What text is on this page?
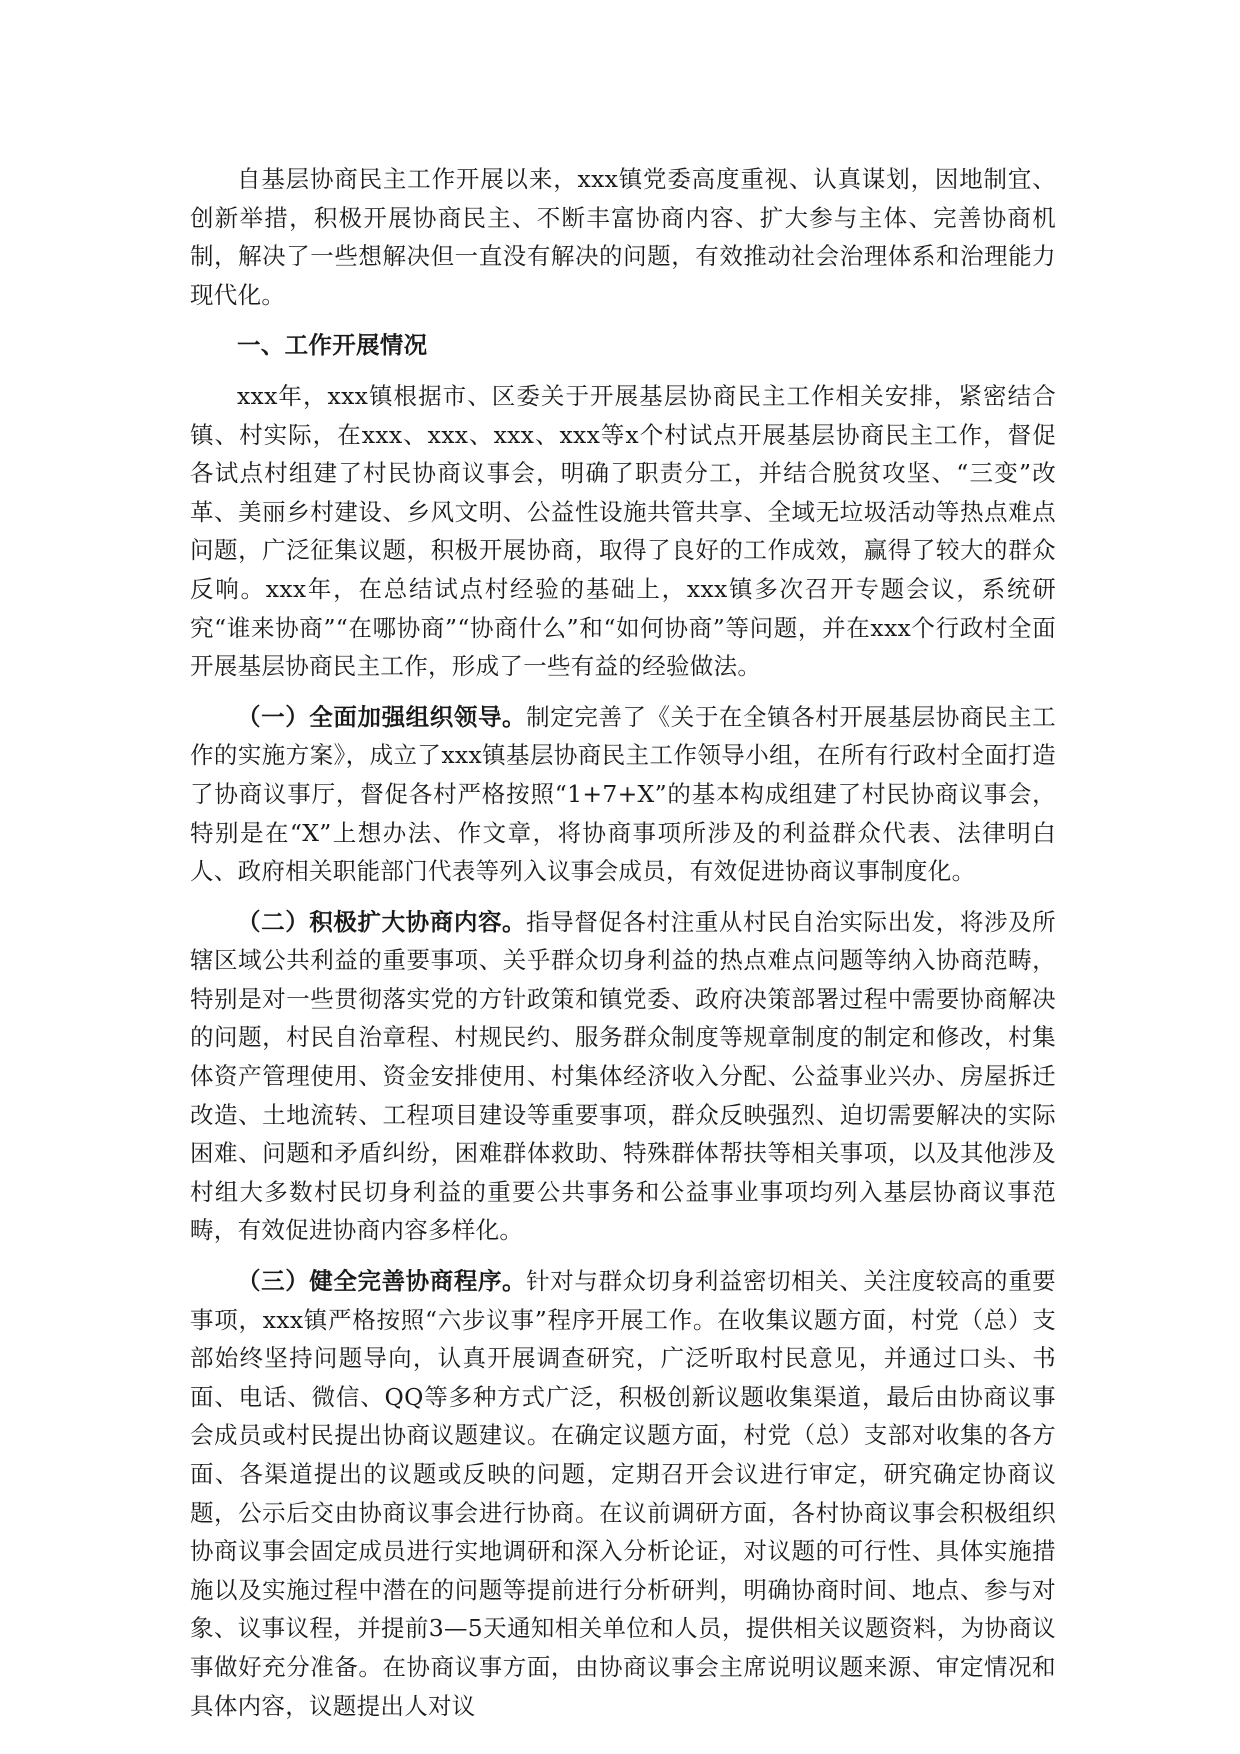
自基层协商民主工作开展以来，xxx镇党委高度重视、认真谋划，因地制宜、创新举措，积极开展协商民主、不断丰富协商内容、扩大参与主体、完善协商机制，解决了一些想解决但一直没有解决的问题，有效推动社会治理体系和治理能力现代化。

一、工作开展情况

xxx年，xxx镇根据市、区委关于开展基层协商民主工作相关安排，紧密结合镇、村实际，在xxx、xxx、xxx、xxx等x个村试点开展基层协商民主工作，督促各试点村组建了村民协商议事会，明确了职责分工，并结合脱贫攻坚、“三变”改革、美丽乡村建设、乡风文明、公益性设施共管共享、全域无垃圾活动等热点难点问题，广泛征集议题，积极开展协商，取得了良好的工作成效，赢得了较大的群众反响。xxx年，在总结试点村经验的基础上，xxx镇多次召开专题会议，系统研究“谁来协商”“在哪协商”“协商什么”和“如何协商”等问题，并在xxx个行政村全面开展基层协商民主工作，形成了一些有益的经验做法。

（一）全面加强组织领导。制定完善了《关于在全镇各村开展基层协商民主工作的实施方案》，成立了xxx镇基层协商民主工作领导小组，在所有行政村全面打造了协商议事厅，督促各村严格按照“1+7+X”的基本构成组建了村民协商议事会，特别是在“X”上想办法、作文章，将协商事项所涉及的利益群众代表、法律明白人、政府相关职能部门代表等列入议事会成员，有效促进协商议事制度化。

（二）积极扩大协商内容。指导督促各村注重从村民自治实际出发，将涉及所辖区域公共利益的重要事项、关乎群众切身利益的热点难点问题等纳入协商范畴，特别是对一些贯彻落实党的方针政策和镇党委、政府决策部署过程中需要协商解决的问题，村民自治章程、村规民约、服务群众制度等规章制度的制定和修改，村集体资产管理使用、资金安排使用、村集体经济收入分配、公益事业兴办、房屋拆迁改造、土地流转、工程项目建设等重要事项，群众反映强烈、迫切需要解决的实际困难、问题和矛盾纠纷，困难群体救助、特殊群体帮扶等相关事项，以及其他涉及村组大多数村民切身利益的重要公共事务和公益事业事项均列入基层协商议事范畴，有效促进协商内容多样化。

（三）健全完善协商程序。针对与群众切身利益密切相关、关注度较高的重要事项，xxx镇严格按照“六步议事”程序开展工作。在收集议题方面，村党（总）支部始终坚持问题导向，认真开展调查研究，广泛听取村民意见，并通过口头、书面、电话、微信、QQ等多种方式广泛，积极创新议题收集渠道，最后由协商议事会成员或村民提出协商议题建议。在确定议题方面，村党（总）支部对收集的各方面、各渠道提出的议题或反映的问题，定期召开会议进行审定，研究确定协商议题，公示后交由协商议事会进行协商。在议前调研方面，各村协商议事会积极组织协商议事会固定成员进行实地调研和深入分析论证，对议题的可行性、具体实施措施以及实施过程中潜在的问题等提前进行分析研判，明确协商时间、地点、参与对象、议事议程，并提前3—5天通知相关单位和人员，提供相关议题资料，为协商议事做好充分准备。在协商议事方面，由协商议事会主席说明议题来源、审定情况和具体内容，议题提出人对议
